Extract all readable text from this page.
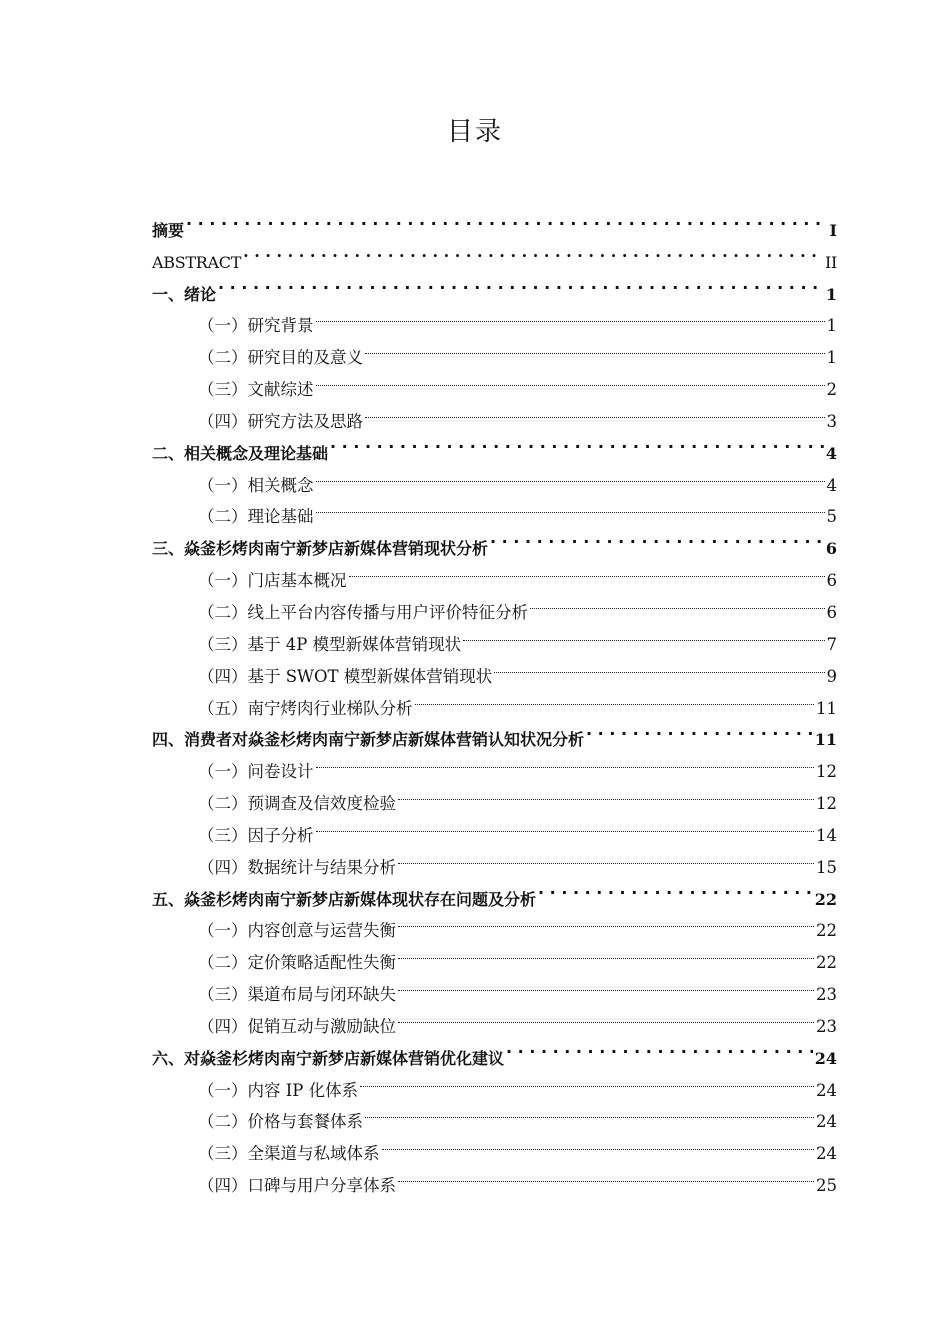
目录
摘要 . . .	I
ABSTRACT . . .	II
一、绪论 . . .	1
（一）研究背景	1
（二）研究目的及意义	1
（三）文献综述	2
（四）研究方法及思路	3
二、相关概念及理论基础 . . .	4
（一）相关概念	4
（二）理论基础	5
三、焱釜杉烤肉南宁新梦店新媒体营销现状分析 . . .	6
（一）门店基本概况	6
（二）线上平台内容传播与用户评价特征分析	6
（三）基于 4P 模型新媒体营销现状	7
（四）基于 SWOT 模型新媒体营销现状	9
（五）南宁烤肉行业梯队分析	11
四、消费者对焱釜杉烤肉南宁新梦店新媒体营销认知状况分析 . . .	11
（一）问卷设计	12
（二）预调查及信效度检验	12
（三）因子分析	14
（四）数据统计与结果分析	15
五、焱釜杉烤肉南宁新梦店新媒体现状存在问题及分析 . . .	22
（一）内容创意与运营失衡	22
（二）定价策略适配性失衡	22
（三）渠道布局与闭环缺失	23
（四）促销互动与激励缺位	23
六、对焱釜杉烤肉南宁新梦店新媒体营销优化建议 . . .	24
（一）内容 IP 化体系	24
（二）价格与套餐体系	24
（三）全渠道与私域体系	24
（四）口碑与用户分享体系	25
